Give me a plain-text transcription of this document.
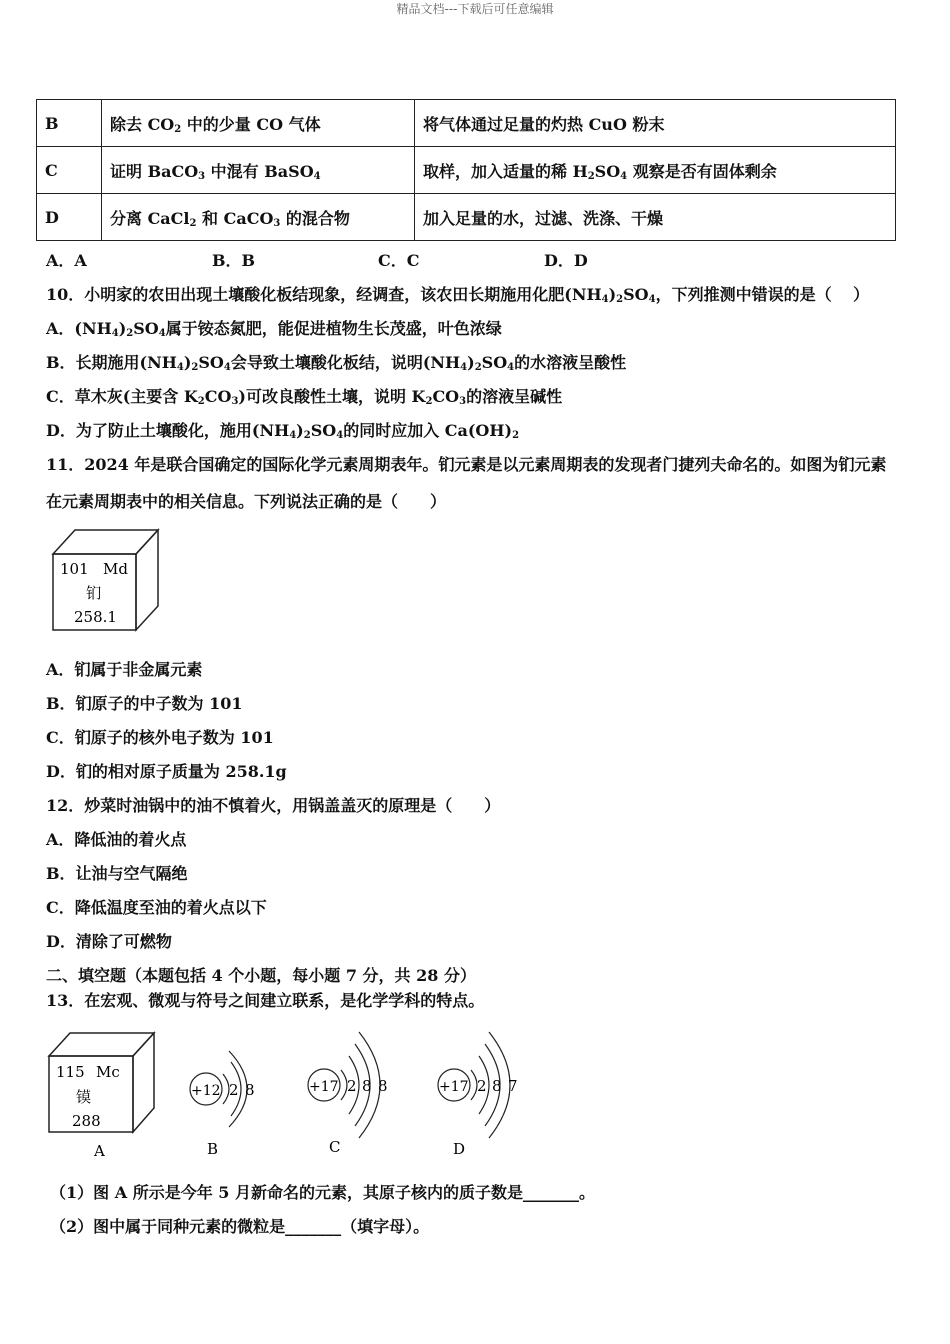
精品文档---下载后可任意编辑
B	除去 $CO_2$ 中的少量 CO 气体	将气体通过足量的灼热 CuO 粉末
C	证明 BaCO$_3$ 中混有 BaSO$_4$	取样，加入适量的稀 $H_2SO_4$ 观察是否有固体剩余
D	分离 CaCl$_2$ 和 CaCO$_3$ 的混合物	加入足量的水，过滤、洗涤、干燥
A．A	B．B	C．C	D．D
10．小明家的农田出现土壤酸化板结现象，经调查，该农田长期施用化肥$(NH_4)_2SO_4$，下列推测中错误的是（　 ）
A．$(NH_4)_2SO_4$属于铵态氮肥，能促进植物生长茂盛，叶色浓绿
B．长期施用$(NH_4)_2SO_4$会导致土壤酸化板结，说明$(NH_4)_2SO_4$的水溶液呈酸性
C．草木灰(主要含 $K_2CO_3$)可改良酸性土壤，说明 $K_2CO_3$的溶液呈碱性
D．为了防止土壤酸化，施用$(NH_4)_2SO_4$的同时应加入 $Ca(OH)_2$
11．2024 年是联合国确定的国际化学元素周期表年。钔元素是以元素周期表的发现者门捷列夫命名的。如图为钔元素
在元素周期表中的相关信息。下列说法正确的是（　　）
101 Md
钔
258.1
A．钔属于非金属元素
B．钔原子的中子数为 101
C．钔原子的核外电子数为 101
D．钔的相对原子质量为 258.1g
12．炒菜时油锅中的油不慎着火，用锅盖盖灭的原理是（　　）
A．降低油的着火点
B．让油与空气隔绝
C．降低温度至油的着火点以下
D．清除了可燃物
二、填空题（本题包括 4 个小题，每小题 7 分，共 28 分）
13．在宏观、微观与符号之间建立联系，是化学学科的特点。
115 Mc
镆
288
A
+12 2 8
B
+17 2 8 8
C
+17 2 8 7
D
（1）图 A 所示是今年 5 月新命名的元素，其原子核内的质子数是_______。
（2）图中属于同种元素的微粒是_______（填字母）。
